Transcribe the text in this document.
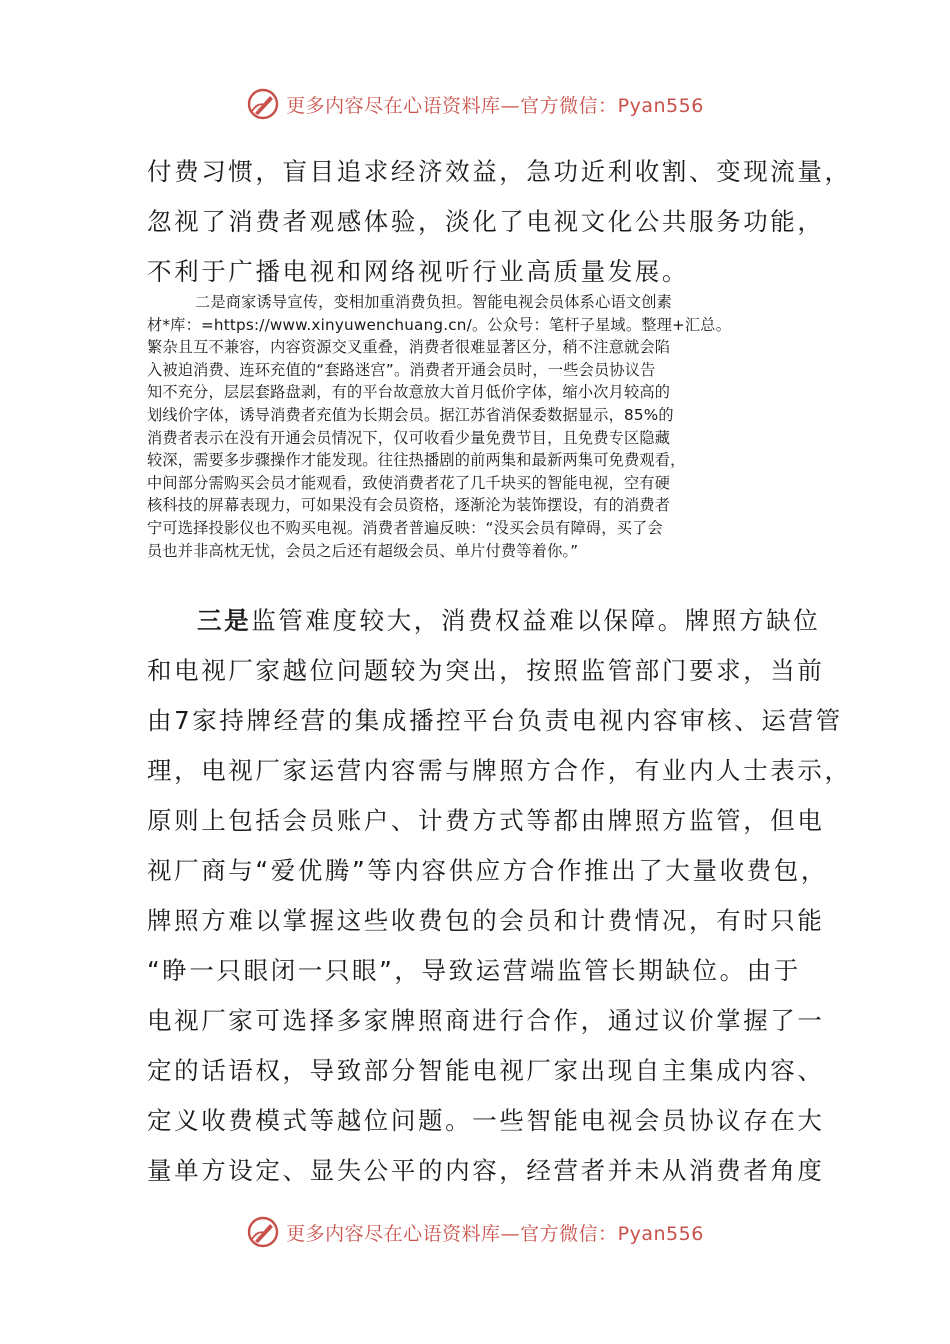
更多内容尽在心语资料库—官方微信：Pyan556
付费习惯，盲目追求经济效益，急功近利收割、变现流量，
忽视了消费者观感体验，淡化了电视文化公共服务功能，
不利于广播电视和网络视听行业高质量发展。
二是商家诱导宣传，变相加重消费负担。智能电视会员体系心语文创素
材*库：=https://www.xinyuwenchuang.cn/。公众号：笔杆子星域。整理+汇总。
繁杂且互不兼容，内容资源交叉重叠，消费者很难显著区分，稍不注意就会陷
入被迫消费、连环充值的“套路迷宫”。消费者开通会员时，一些会员协议告
知不充分，层层套路盘剥，有的平台故意放大首月低价字体，缩小次月较高的
划线价字体，诱导消费者充值为长期会员。据江苏省消保委数据显示，85%的
消费者表示在没有开通会员情况下，仅可收看少量免费节目，且免费专区隐藏
较深，需要多步骤操作才能发现。往往热播剧的前两集和最新两集可免费观看，
中间部分需购买会员才能观看，致使消费者花了几千块买的智能电视，空有硬
核科技的屏幕表现力，可如果没有会员资格，逐渐沦为装饰摆设，有的消费者
宁可选择投影仪也不购买电视。消费者普遍反映：“没买会员有障碍，买了会
员也并非高枕无忧，会员之后还有超级会员、单片付费等着你。”
三是监管难度较大，消费权益难以保障。牌照方缺位
和电视厂家越位问题较为突出，按照监管部门要求，当前
由7家持牌经营的集成播控平台负责电视内容审核、运营管
理，电视厂家运营内容需与牌照方合作，有业内人士表示，
原则上包括会员账户、计费方式等都由牌照方监管，但电
视厂商与“爱优腾”等内容供应方合作推出了大量收费包，
牌照方难以掌握这些收费包的会员和计费情况，有时只能
“睁一只眼闭一只眼”，导致运营端监管长期缺位。由于
电视厂家可选择多家牌照商进行合作，通过议价掌握了一
定的话语权，导致部分智能电视厂家出现自主集成内容、
定义收费模式等越位问题。一些智能电视会员协议存在大
量单方设定、显失公平的内容，经营者并未从消费者角度
更多内容尽在心语资料库—官方微信：Pyan556
